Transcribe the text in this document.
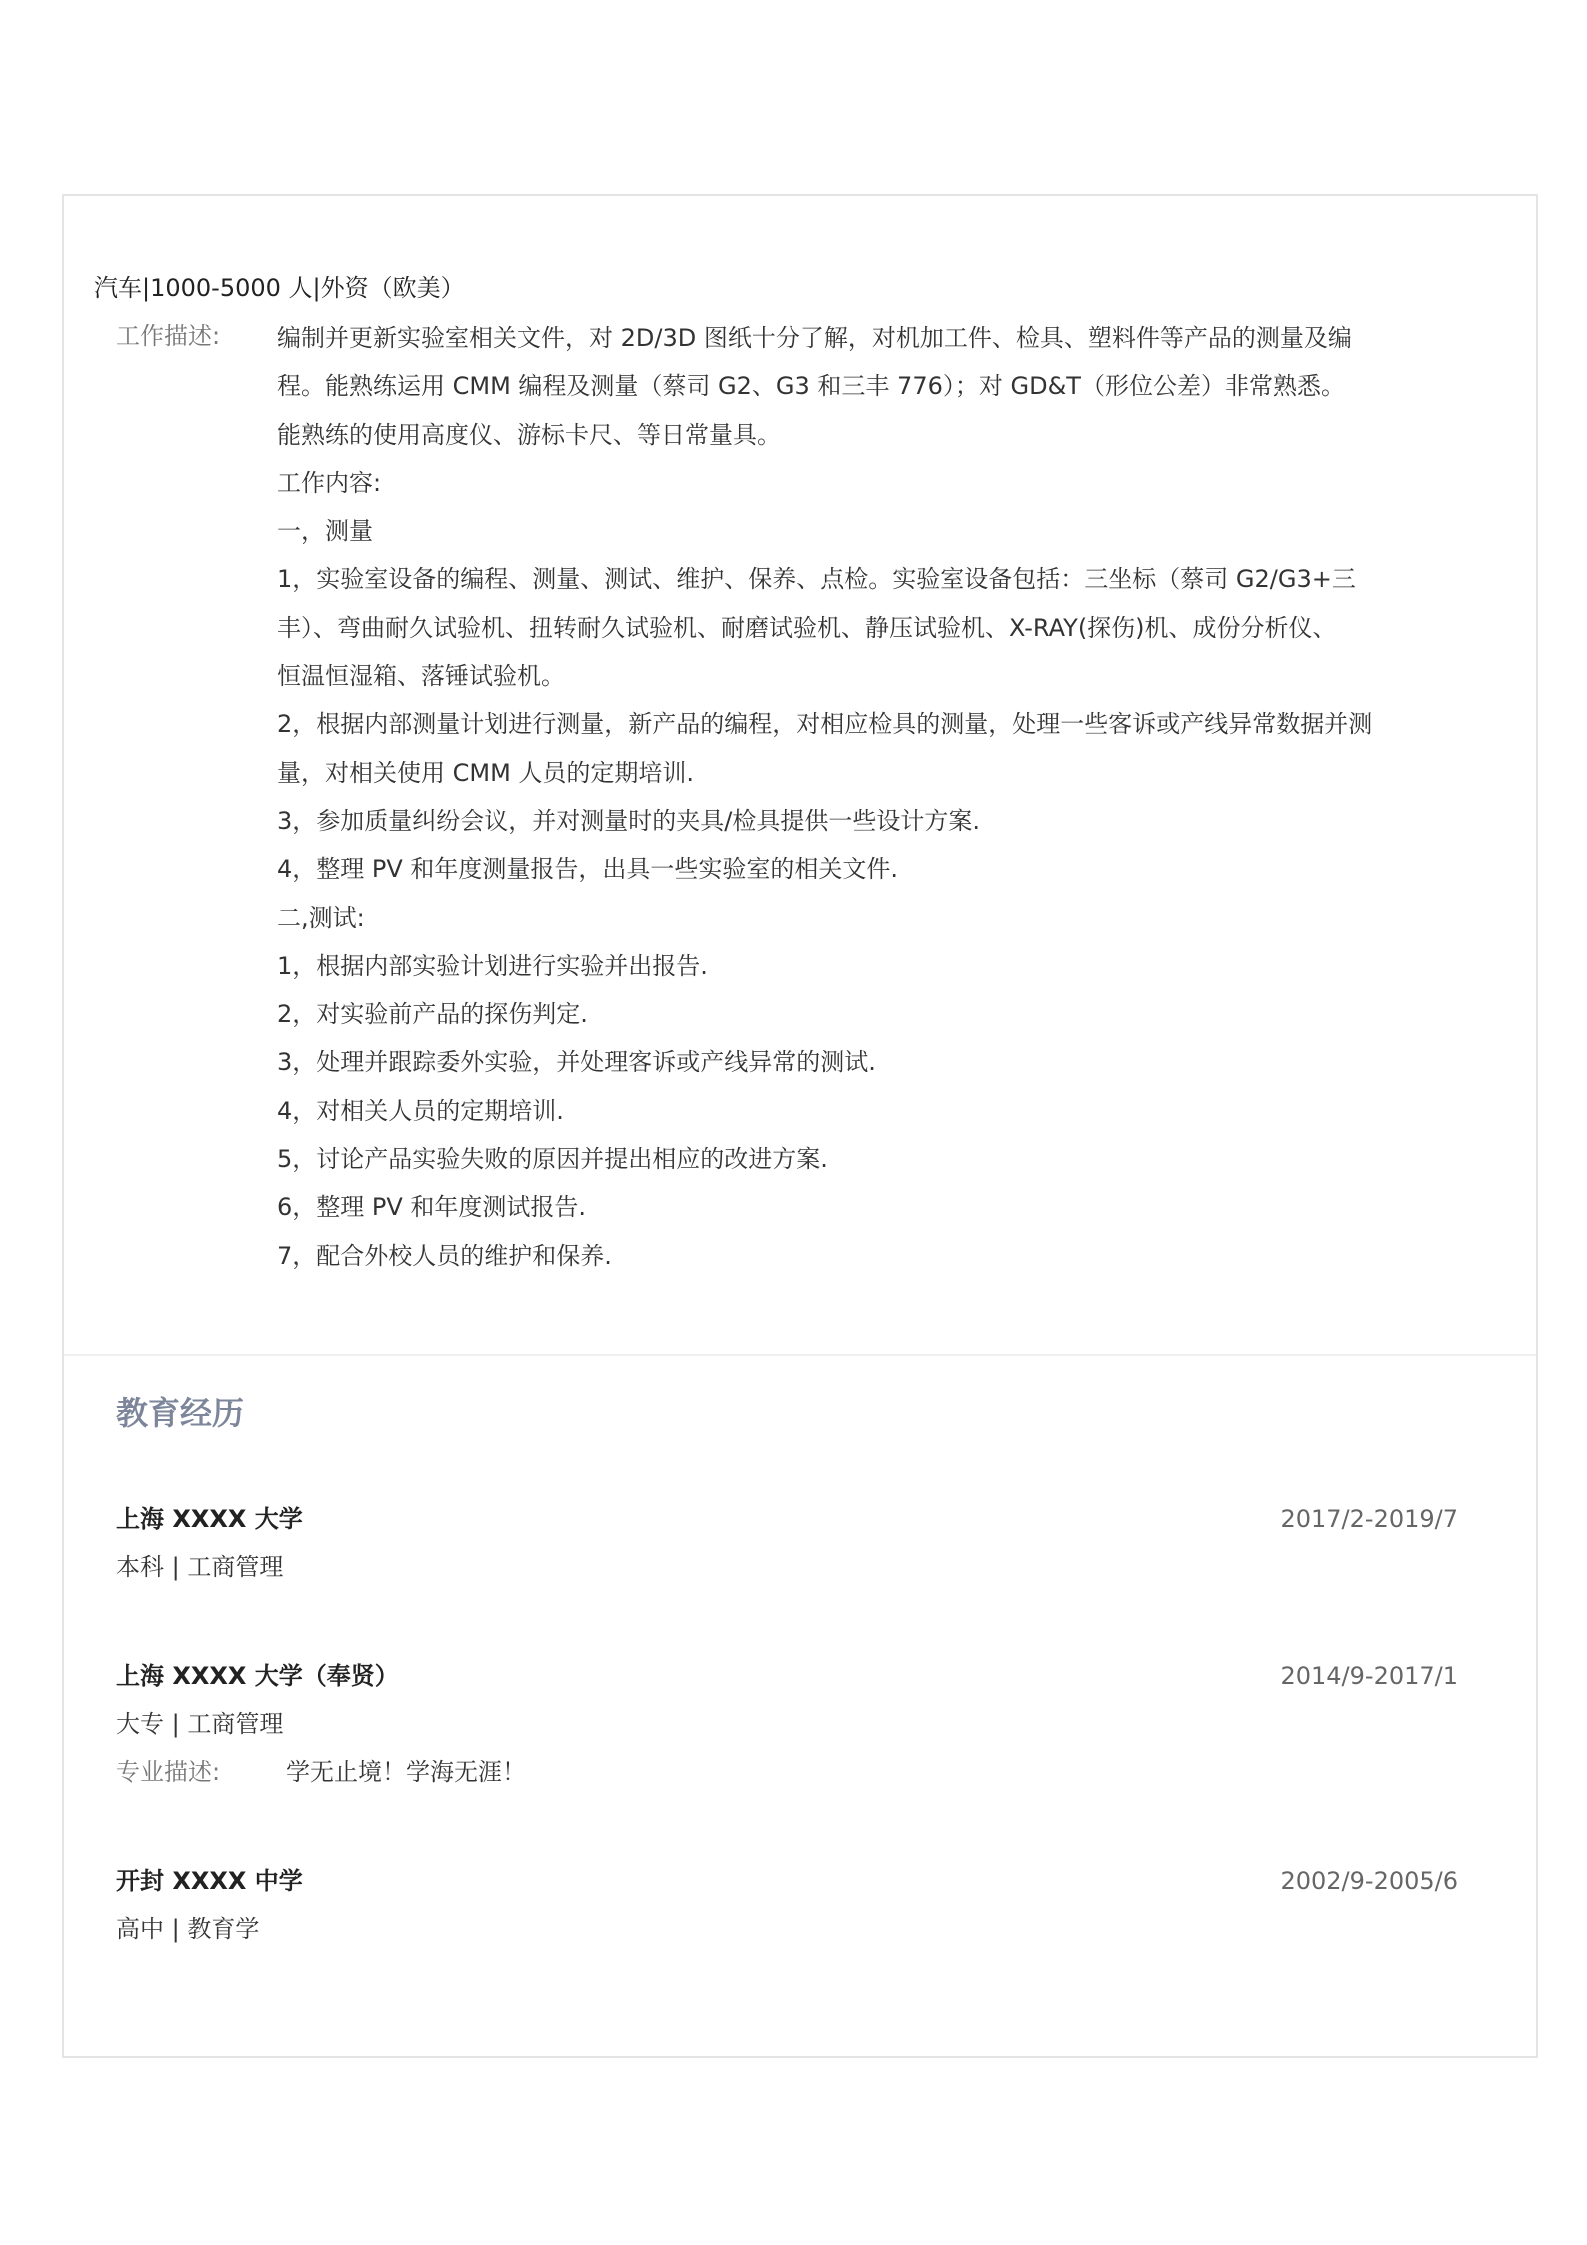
汽车|1000-5000 人|外资（欧美）
工作描述: 编制并更新实验室相关文件，对 2D/3D 图纸十分了解，对机加工件、检具、塑料件等产品的测量及编
程。能熟练运用 CMM 编程及测量（蔡司 G2、G3 和三丰 776）；对 GD&T（形位公差）非常熟悉。
能熟练的使用高度仪、游标卡尺、等日常量具。
工作内容:
一，测量
1，实验室设备的编程、测量、测试、维护、保养、点检。实验室设备包括：三坐标（蔡司 G2/G3+三
丰）、弯曲耐久试验机、扭转耐久试验机、耐磨试验机、静压试验机、X-RAY(探伤)机、成份分析仪、
恒温恒湿箱、落锤试验机。
2，根据内部测量计划进行测量，新产品的编程，对相应检具的测量，处理一些客诉或产线异常数据并测
量，对相关使用 CMM 人员的定期培训.
3，参加质量纠纷会议，并对测量时的夹具/检具提供一些设计方案.
4，整理 PV 和年度测量报告，出具一些实验室的相关文件.
二,测试:
1，根据内部实验计划进行实验并出报告.
2，对实验前产品的探伤判定.
3，处理并跟踪委外实验，并处理客诉或产线异常的测试.
4，对相关人员的定期培训.
5，讨论产品实验失败的原因并提出相应的改进方案.
6，整理 PV 和年度测试报告.
7，配合外校人员的维护和保养.
教育经历
上海 XXXX 大学	2017/2-2019/7
本科 | 工商管理
上海 XXXX 大学（奉贤）	2014/9-2017/1
大专 | 工商管理
专业描述:	学无止境！学海无涯！
开封 XXXX 中学	2002/9-2005/6
高中 | 教育学
